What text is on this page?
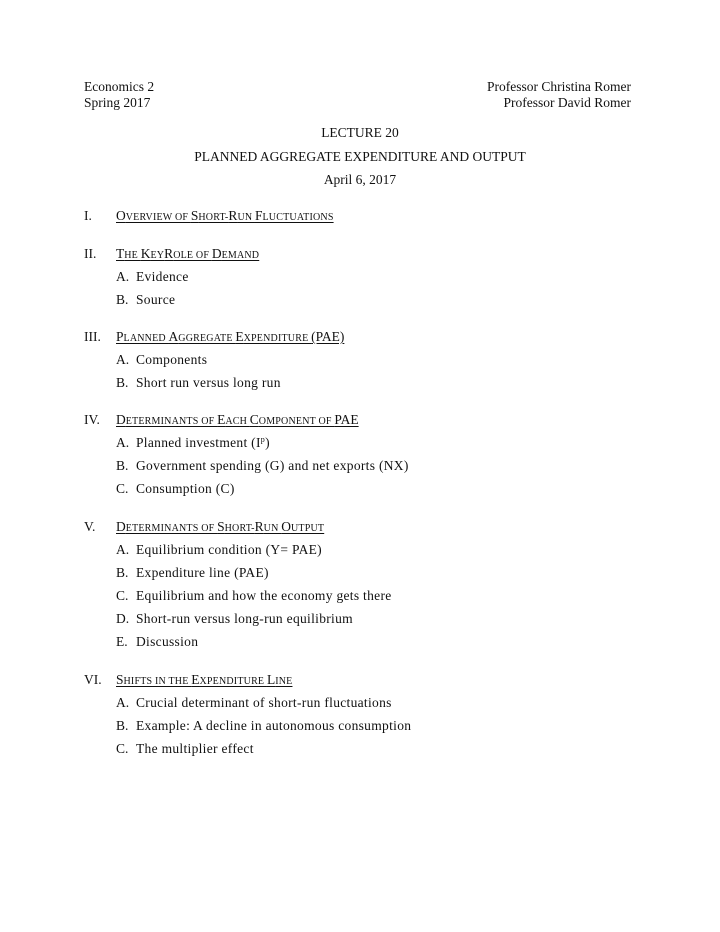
Economics 2
Spring 2017
Professor Christina Romer
Professor David Romer
LECTURE 20
PLANNED AGGREGATE EXPENDITURE AND OUTPUT
April 6, 2017
I. OVERVIEW OF SHORT-RUN FLUCTUATIONS
II. THE KEYROLE OF DEMAND
A. Evidence
B. Source
III. PLANNED AGGREGATE EXPENDITURE (PAE)
A. Components
B. Short run versus long run
IV. DETERMINANTS OF EACH COMPONENT OF PAE
A. Planned investment $(I^p)$
B. Government spending (G) and net exports (NX)
C. Consumption (C)
V. DETERMINANTS OF SHORT-RUN OUTPUT
A. Equilibrium condition (Y= PAE)
B. Expenditure line (PAE)
C. Equilibrium and how the economy gets there
D. Short-run versus long-run equilibrium
E. Discussion
VI. SHIFTS IN THE EXPENDITURE LINE
A. Crucial determinant of short-run fluctuations
B. Example: A decline in autonomous consumption
C. The multiplier effect
